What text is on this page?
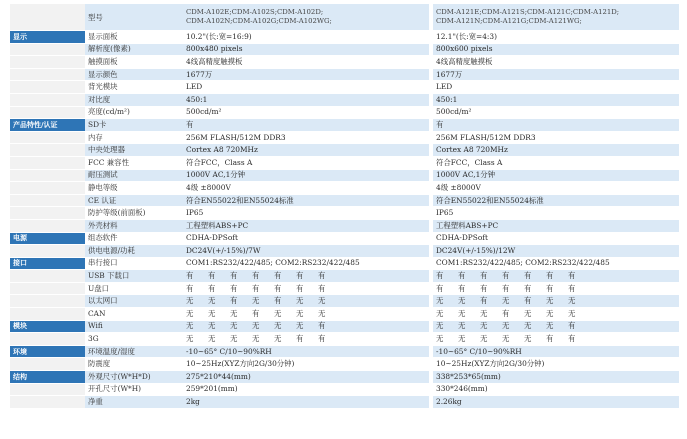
	型号	CDM-A102E;CDM-A102S;CDM-A102D;
CDM-A102N;CDM-A102G;CDM-A102WG;		CDM-A121E;CDM-A121S;CDM-A121C;CDM-A121D;
CDM-A121N;CDM-A121G;CDM-A121WG;
显示	显示面板	10.2"(长:宽=16:9)		12.1"(长:宽=4:3)
	解析度(像素)	800x480 pixels		800x600 pixels
	触摸面板	4线高精度触摸板		4线高精度触摸板
	显示颜色	1677万		1677万
	背光模块	LED		LED
	对比度	450:1		450:1
	亮度(cd/m²)	500cd/m²		500cd/m²
产品特性/认证	SD卡	有		有
	内存	256M FLASH/512M DDR3		256M FLASH/512M DDR3
	中央处理器	Cortex A8 720MHz		Cortex A8 720MHz
	FCC 兼容性	符合FCC，Class A		符合FCC，Class A
	耐压测试	1000V AC,1分钟		1000V AC,1分钟
	静电等级	4级 ±8000V		4级 ±8000V
	CE 认证	符合EN55022和EN55024标准		符合EN55022和EN55024标准
	防护等级(前面板)	IP65		IP65
	外壳材料	工程塑料ABS+PC		工程塑料ABS+PC
电源	组态软件	CDHA-DPSoft		CDHA-DPSoft
	供电电源/功耗	DC24V(+/-15%)/7W		DC24V(+/-15%)/12W
接口	串行接口	COM1:RS232/422/485; COM2:RS232/422/485		COM1:RS232/422/485; COM2:RS232/422/485
	USB 下载口	有 有 有 有 有 有 有		有 有 有 有 有 有 有
	U盘口	有 有 有 有 有 有 有		有 有 有 有 有 有 有
	以太网口	无 无 有 无 有 无 无		无 无 有 无 有 无 无
	CAN	无 无 无 有 无 无 无		无 无 无 有 无 无 无
模块	Wifi	无 无 无 无 无 无 有		无 无 无 无 无 无 有
	3G	无 无 无 无 无 有 有		无 无 无 无 无 有 有
环境	环境温度/湿度	-10~65° C/10~90%RH		-10~65° C/10~90%RH
	防震度	10~25Hz(XYZ方向2G/30分钟)		10~25Hz(XYZ方向2G/30分钟)
结构	外观尺寸(W*H*D)	275*210*44(mm)		338*253*65(mm)
	开孔尺寸(W*H)	259*201(mm)		330*246(mm)
	净重	2kg		2.26kg
